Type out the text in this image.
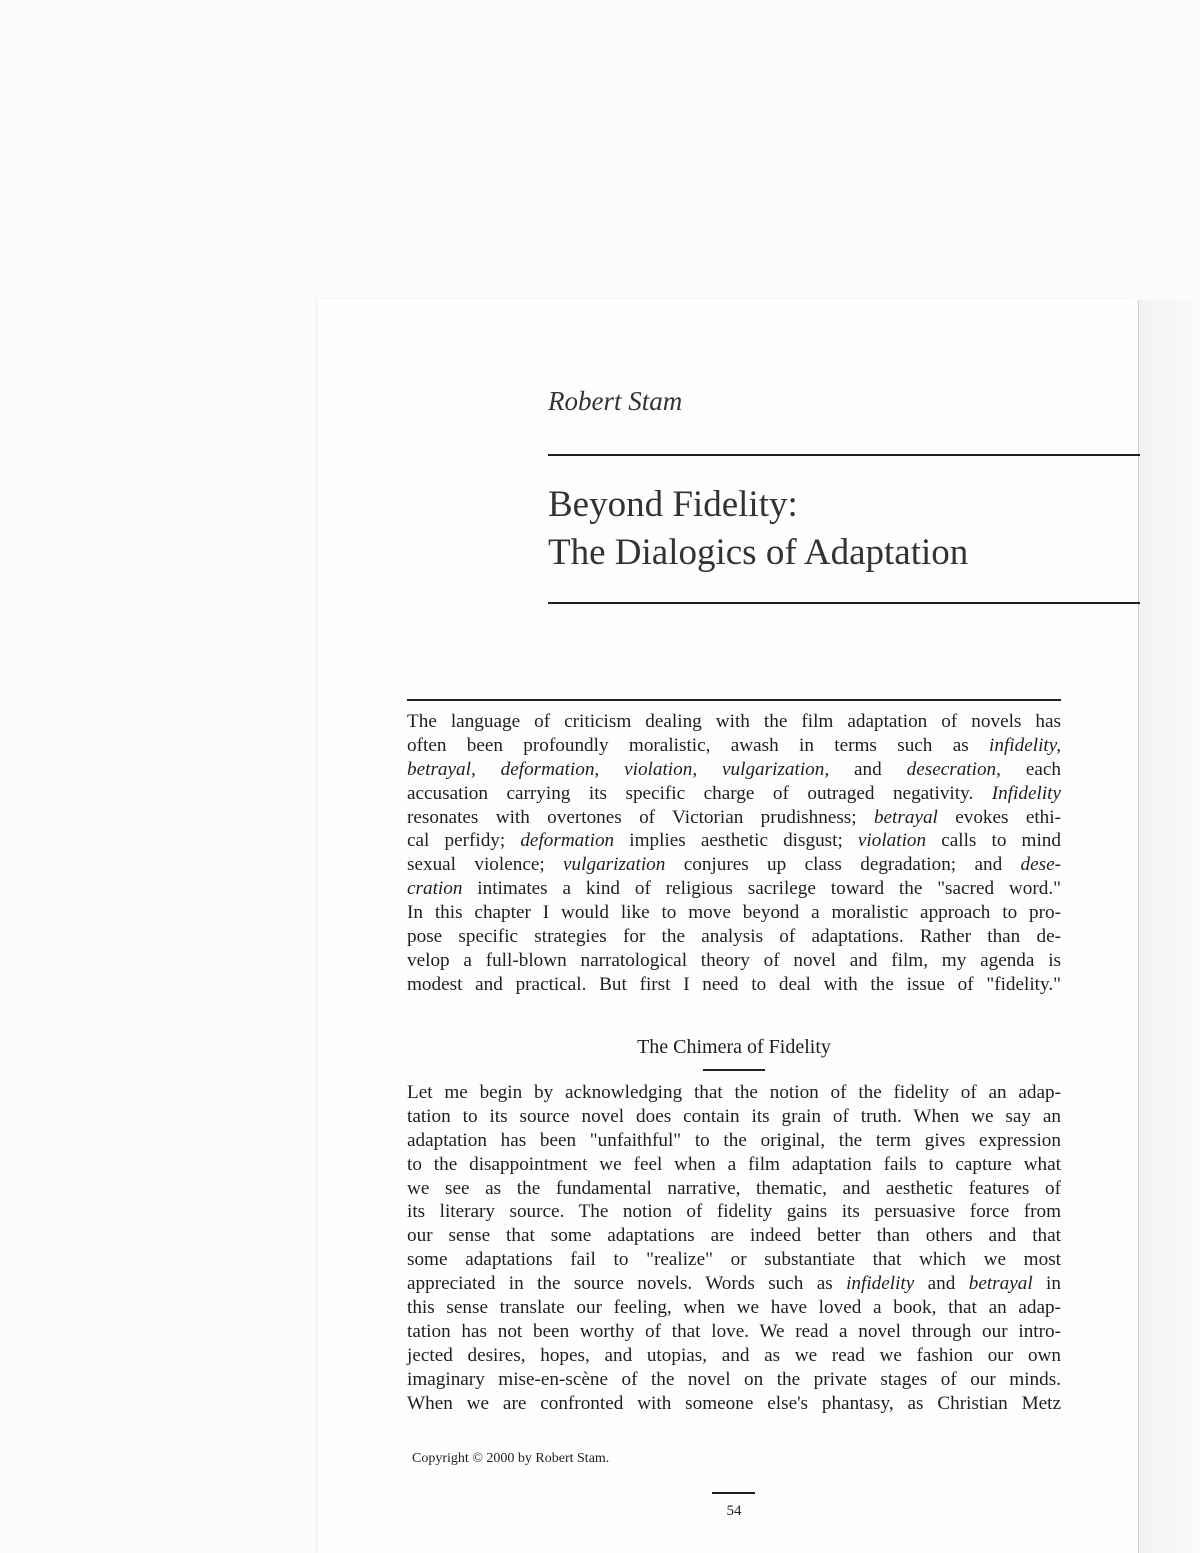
Robert Stam
Beyond Fidelity:
The Dialogics of Adaptation
The language of criticism dealing with the film adaptation of novels has
often been profoundly moralistic, awash in terms such as infidelity,
betrayal, deformation, violation, vulgarization, and desecration, each
accusation carrying its specific charge of outraged negativity. Infidelity
resonates with overtones of Victorian prudishness; betrayal evokes ethi-
cal perfidy; deformation implies aesthetic disgust; violation calls to mind
sexual violence; vulgarization conjures up class degradation; and dese-
cration intimates a kind of religious sacrilege toward the "sacred word."
In this chapter I would like to move beyond a moralistic approach to pro-
pose specific strategies for the analysis of adaptations. Rather than de-
velop a full-blown narratological theory of novel and film, my agenda is
modest and practical. But first I need to deal with the issue of "fidelity."
The Chimera of Fidelity
Let me begin by acknowledging that the notion of the fidelity of an adap-
tation to its source novel does contain its grain of truth. When we say an
adaptation has been "unfaithful" to the original, the term gives expression
to the disappointment we feel when a film adaptation fails to capture what
we see as the fundamental narrative, thematic, and aesthetic features of
its literary source. The notion of fidelity gains its persuasive force from
our sense that some adaptations are indeed better than others and that
some adaptations fail to "realize" or substantiate that which we most
appreciated in the source novels. Words such as infidelity and betrayal in
this sense translate our feeling, when we have loved a book, that an adap-
tation has not been worthy of that love. We read a novel through our intro-
jected desires, hopes, and utopias, and as we read we fashion our own
imaginary mise-en-scène of the novel on the private stages of our minds.
When we are confronted with someone else's phantasy, as Christian Metz
Copyright © 2000 by Robert Stam.
54
